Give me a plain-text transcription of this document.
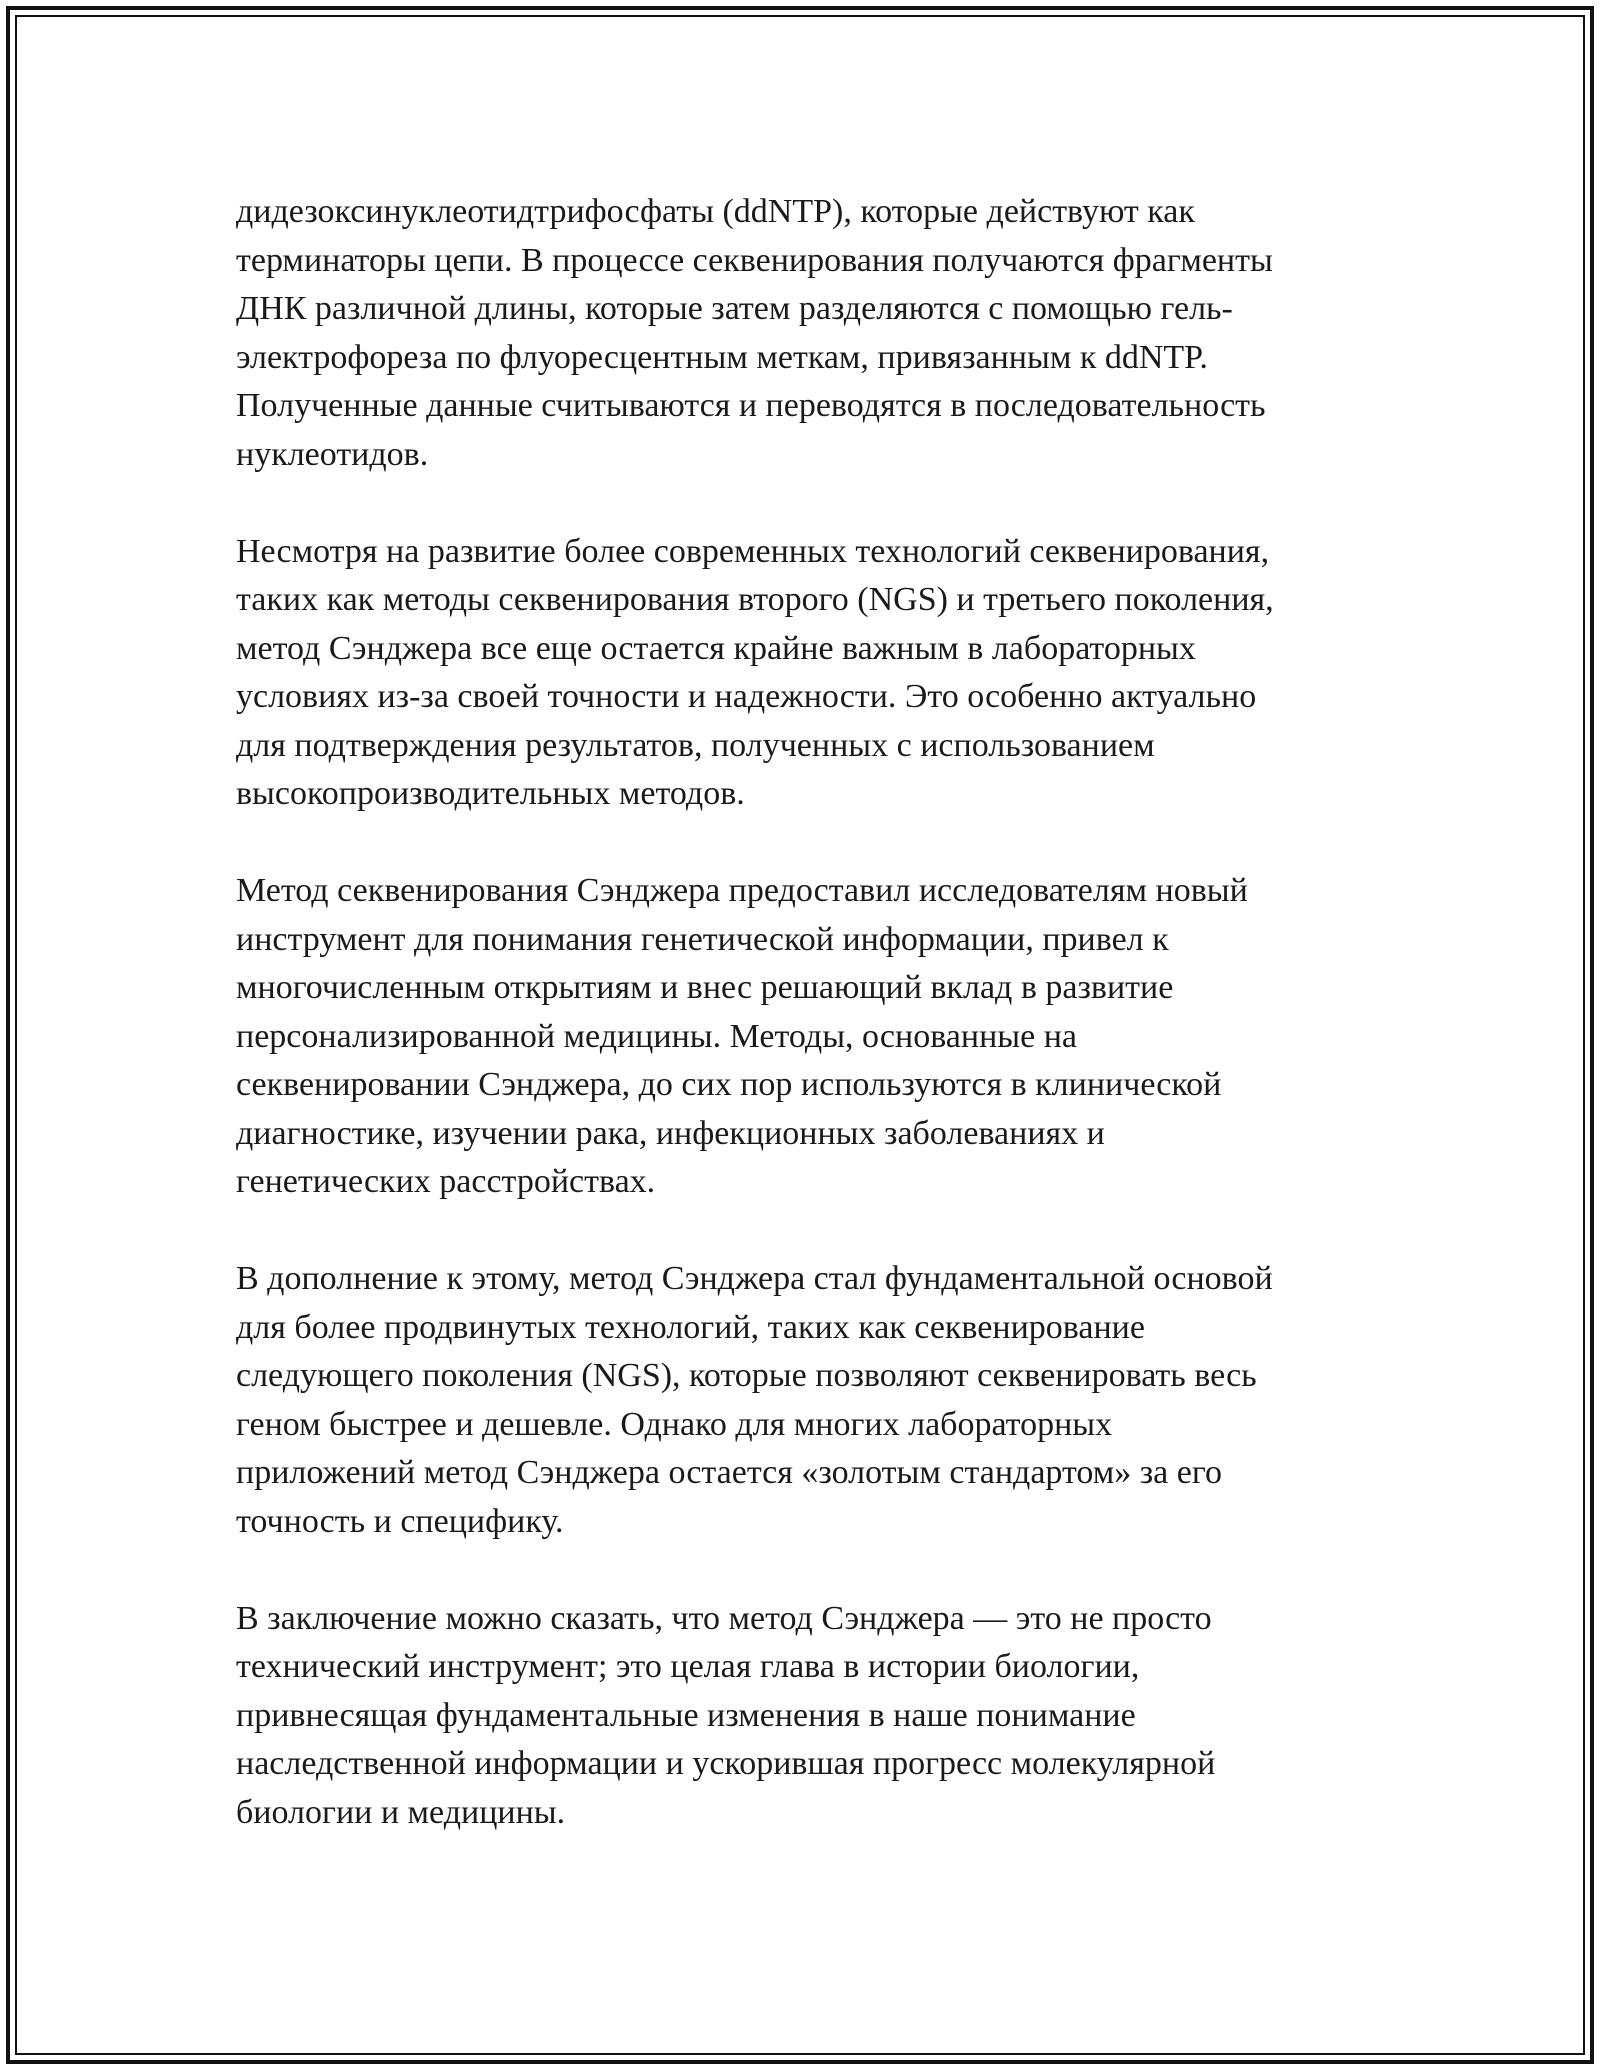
дидезоксинуклеотидтрифосфаты (ddNTP), которые действуют как
терминаторы цепи. В процессе секвенирования получаются фрагменты
ДНК различной длины, которые затем разделяются с помощью гель-
электрофореза по флуоресцентным меткам, привязанным к ddNTP.
Полученные данные считываются и переводятся в последовательность
нуклеотидов.

Несмотря на развитие более современных технологий секвенирования,
таких как методы секвенирования второго (NGS) и третьего поколения,
метод Сэнджера все еще остается крайне важным в лабораторных
условиях из-за своей точности и надежности. Это особенно актуально
для подтверждения результатов, полученных с использованием
высокопроизводительных методов.

Метод секвенирования Сэнджера предоставил исследователям новый
инструмент для понимания генетической информации, привел к
многочисленным открытиям и внес решающий вклад в развитие
персонализированной медицины. Методы, основанные на
секвенировании Сэнджера, до сих пор используются в клинической
диагностике, изучении рака, инфекционных заболеваниях и
генетических расстройствах.

В дополнение к этому, метод Сэнджера стал фундаментальной основой
для более продвинутых технологий, таких как секвенирование
следующего поколения (NGS), которые позволяют секвенировать весь
геном быстрее и дешевле. Однако для многих лабораторных
приложений метод Сэнджера остается «золотым стандартом» за его
точность и специфику.

В заключение можно сказать, что метод Сэнджера — это не просто
технический инструмент; это целая глава в истории биологии,
привнесящая фундаментальные изменения в наше понимание
наследственной информации и ускорившая прогресс молекулярной
биологии и медицины.
